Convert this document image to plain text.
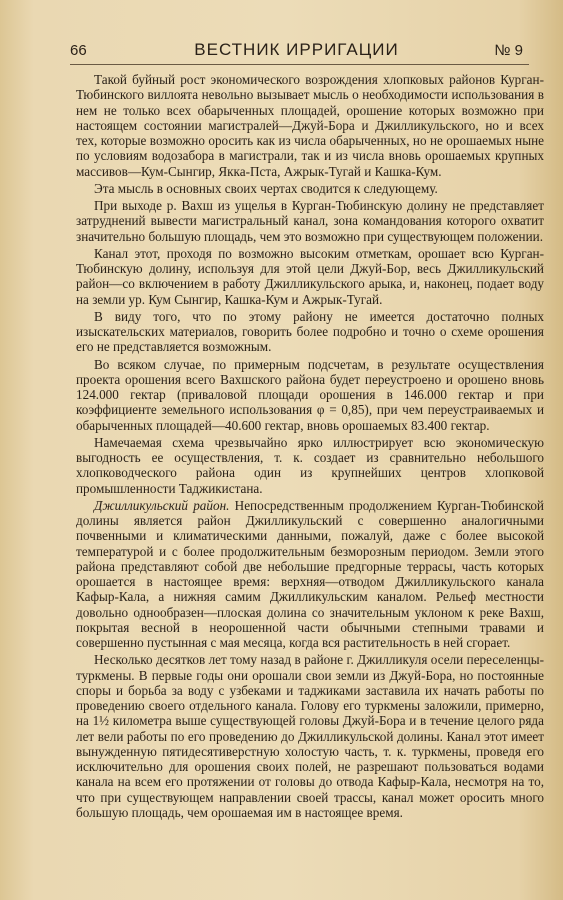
66	ВЕСТНИК ИРРИГАЦИИ	№ 9

Такой буйный рост экономического возрождения хлопковых районов Курган-Тюбинского виллоята невольно вызывает мысль о необходимости использования в нем не только всех обарыченных площадей, орошение которых возможно при настоящем состоянии магистралей—Джуй-Бора и Джилликульского, но и всех тех, которые возможно оросить как из числа обарыченных, но не орошаемых ныне по условиям водозабора в магистрали, так и из числа вновь орошаемых крупных массивов—Кум-Сынгир, Якка-Пста, Ажрык-Тугай и Кашка-Кум.

Эта мысль в основных своих чертах сводится к следующему.

При выходе р. Вахш из ущелья в Курган-Тюбинскую долину не представляет затруднений вывести магистральный канал, зона командования которого охватит значительно большую площадь, чем это возможно при существующем положении.

Канал этот, проходя по возможно высоким отметкам, орошает всю Курган-Тюбинскую долину, используя для этой цели Джуй-Бор, весь Джилликульский район—со включением в работу Джилликульского арыка, и, наконец, подает воду на земли ур. Кум Сынгир, Кашка-Кум и Ажрык-Тугай.

В виду того, что по этому району не имеется достаточно полных изыскательских материалов, говорить более подробно и точно о схеме орошения его не представляется возможным.

Во всяком случае, по примерным подсчетам, в результате осуществления проекта орошения всего Вахшского района будет переустроено и орошено вновь 124.000 гектар (приваловой площади орошения в 146.000 гектар и при коэффициенте земельного использования φ = 0,85), при чем переустраиваемых и обарыченных площадей—40.600 гектар, вновь орошаемых 83.400 гектар.

Намечаемая схема чрезвычайно ярко иллюстрирует всю экономическую выгодность ее осуществления, т. к. создает из сравнительно небольшого хлопководческого района один из крупнейших центров хлопковой промышленности Таджикистана.

Джилликульский район. Непосредственным продолжением Курган-Тюбинской долины является район Джилликульский с совершенно аналогичными почвенными и климатическими данными, пожалуй, даже с более высокой температурой и с более продолжительным безморозным периодом. Земли этого района представляют собой две небольшие предгорные террасы, часть которых орошается в настоящее время: верхняя—отводом Джилликульского канала Кафыр-Кала, а нижняя самим Джилликульским каналом. Рельеф местности довольно однообразен—плоская долина со значительным уклоном к реке Вахш, покрытая весной в неорошенной части обычными степными травами и совершенно пустынная с мая месяца, когда вся растительность в ней сгорает.

Несколько десятков лет тому назад в районе г. Джилликуля осели переселенцы-туркмены. В первые годы они орошали свои земли из Джуй-Бора, но постоянные споры и борьба за воду с узбеками и таджиками заставила их начать работы по проведению своего отдельного канала. Голову его туркмены заложили, примерно, на 1½ километра выше существующей головы Джуй-Бора и в течение целого ряда лет вели работы по его проведению до Джилликульской долины. Канал этот имеет вынужденную пятидесятиверстную холостую часть, т. к. туркмены, проведя его исключительно для орошения своих полей, не разрешают пользоваться водами канала на всем его протяжении от головы до отвода Кафыр-Кала, несмотря на то, что при существующем направлении своей трассы, канал может оросить много большую площадь, чем орошаемая им в настоящее время.
